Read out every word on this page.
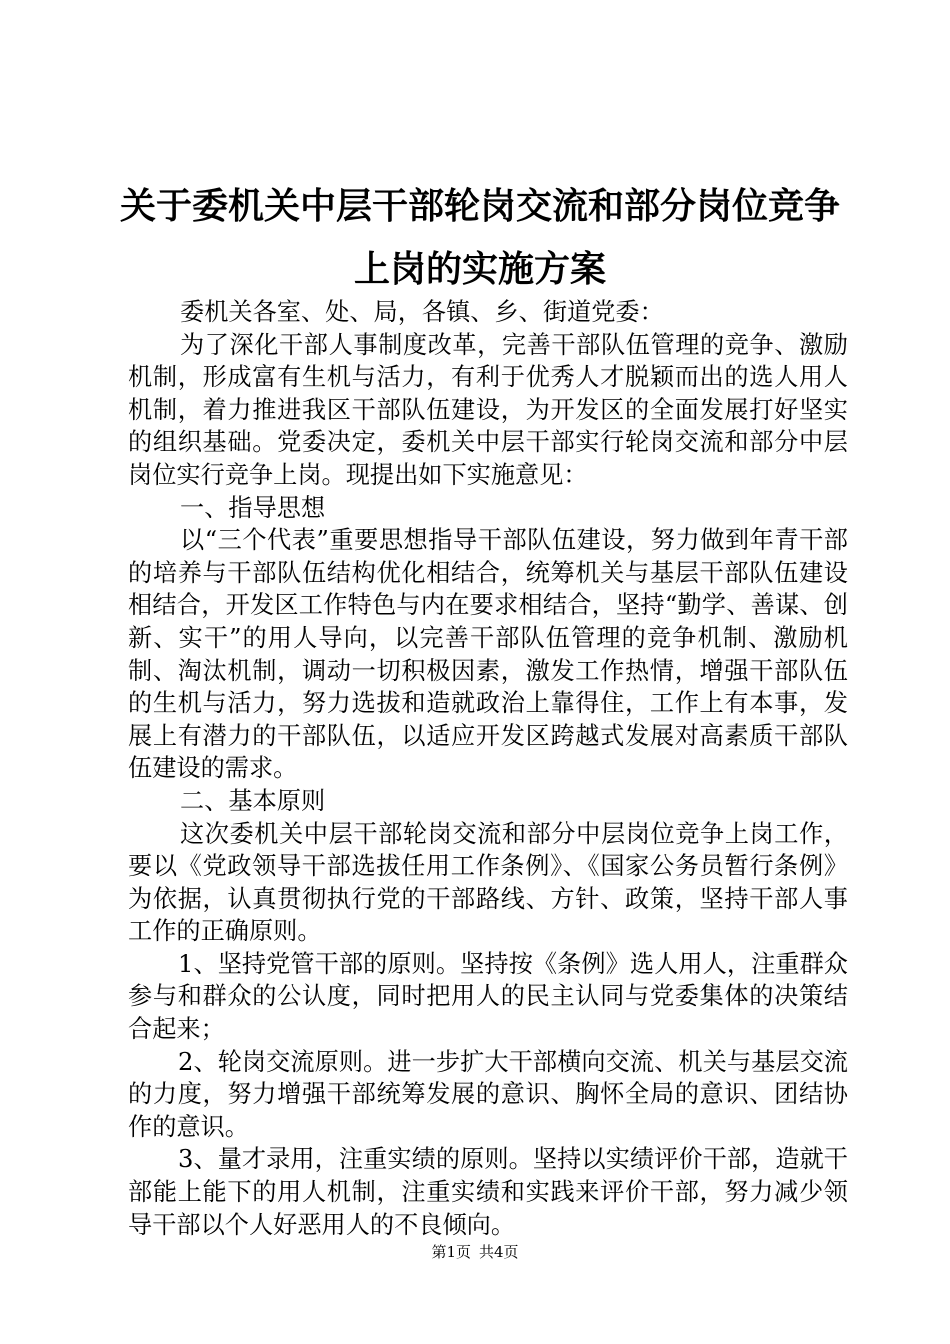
关于委机关中层干部轮岗交流和部分岗位竞争
上岗的实施方案

委机关各室、处、局，各镇、乡、街道党委：

为了深化干部人事制度改革，完善干部队伍管理的竞争、激励机制，形成富有生机与活力，有利于优秀人才脱颖而出的选人用人机制，着力推进我区干部队伍建设，为开发区的全面发展打好坚实的组织基础。党委决定，委机关中层干部实行轮岗交流和部分中层岗位实行竞争上岗。现提出如下实施意见：

一、指导思想

以“三个代表”重要思想指导干部队伍建设，努力做到年青干部的培养与干部队伍结构优化相结合，统筹机关与基层干部队伍建设相结合，开发区工作特色与内在要求相结合，坚持“勤学、善谋、创新、实干”的用人导向，以完善干部队伍管理的竞争机制、激励机制、淘汰机制，调动一切积极因素，激发工作热情，增强干部队伍的生机与活力，努力选拔和造就政治上靠得住，工作上有本事，发展上有潜力的干部队伍，以适应开发区跨越式发展对高素质干部队伍建设的需求。

二、基本原则

这次委机关中层干部轮岗交流和部分中层岗位竞争上岗工作，要以《党政领导干部选拔任用工作条例》、《国家公务员暂行条例》为依据，认真贯彻执行党的干部路线、方针、政策，坚持干部人事工作的正确原则。

1、坚持党管干部的原则。坚持按《条例》选人用人，注重群众参与和群众的公认度，同时把用人的民主认同与党委集体的决策结合起来；

2、轮岗交流原则。进一步扩大干部横向交流、机关与基层交流的力度，努力增强干部统筹发展的意识、胸怀全局的意识、团结协作的意识。

3、量才录用，注重实绩的原则。坚持以实绩评价干部，造就干部能上能下的用人机制，注重实绩和实践来评价干部，努力减少领导干部以个人好恶用人的不良倾向。

第1页 共4页
